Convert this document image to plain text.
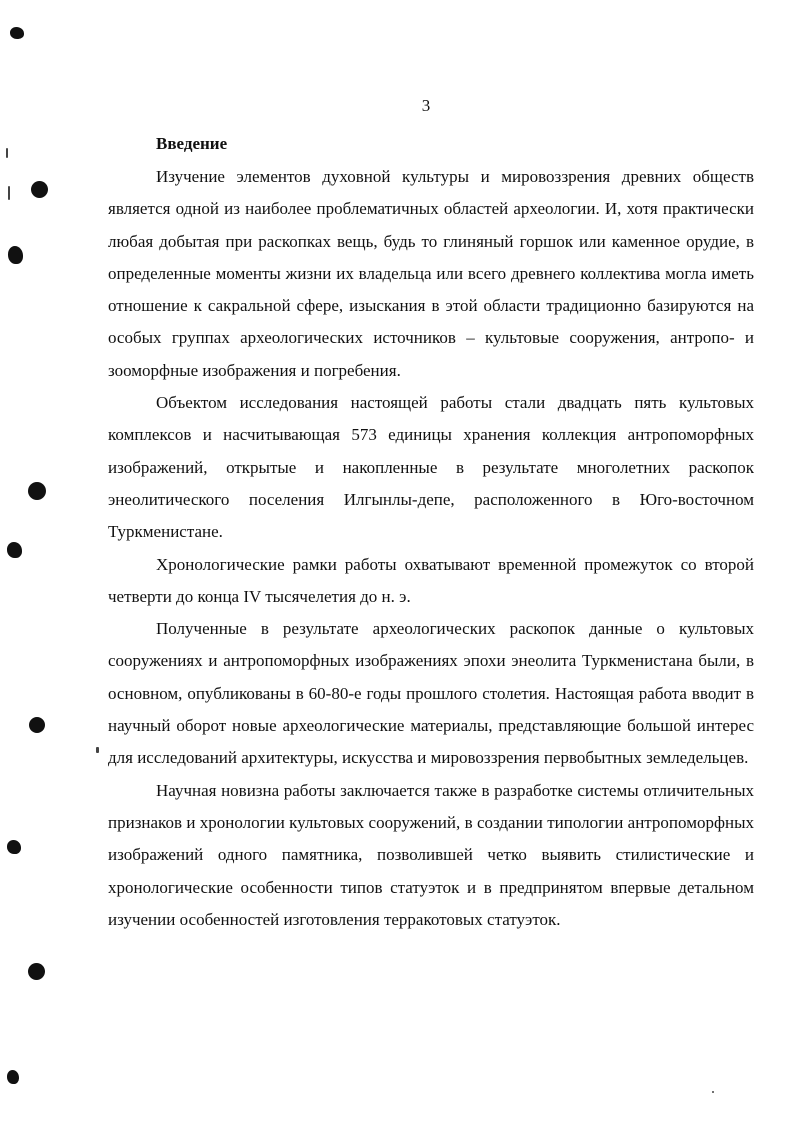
3
Введение

Изучение элементов духовной культуры и мировоззрения древних обществ является одной из наиболее проблематичных областей археологии. И, хотя практически любая добытая при раскопках вещь, будь то глиняный горшок или каменное орудие, в определенные моменты жизни их владельца или всего древнего коллектива могла иметь отношение к сакральной сфере, изыскания в этой области традиционно базируются на особых группах археологических источников – культовые сооружения, антропо- и зооморфные изображения и погребения.

Объектом исследования настоящей работы стали двадцать пять культовых комплексов и насчитывающая 573 единицы хранения коллекция антропоморфных изображений, открытые и накопленные в результате многолетних раскопок энеолитического поселения Илгынлы-депе, расположенного в Юго-восточном Туркменистане.

Хронологические рамки работы охватывают временной промежуток со второй четверти до конца IV тысячелетия до н. э.

Полученные в результате археологических раскопок данные о культовых сооружениях и антропоморфных изображениях эпохи энеолита Туркменистана были, в основном, опубликованы в 60-80-е годы прошлого столетия. Настоящая работа вводит в научный оборот новые археологические материалы, представляющие большой интерес для исследований архитектуры, искусства и мировоззрения первобытных земледельцев.

Научная новизна работы заключается также в разработке системы отличительных признаков и хронологии культовых сооружений, в создании типологии антропоморфных изображений одного памятника, позволившей четко выявить стилистические и хронологические особенности типов статуэток и в предпринятом впервые детальном изучении особенностей изготовления терракотовых статуэток.
